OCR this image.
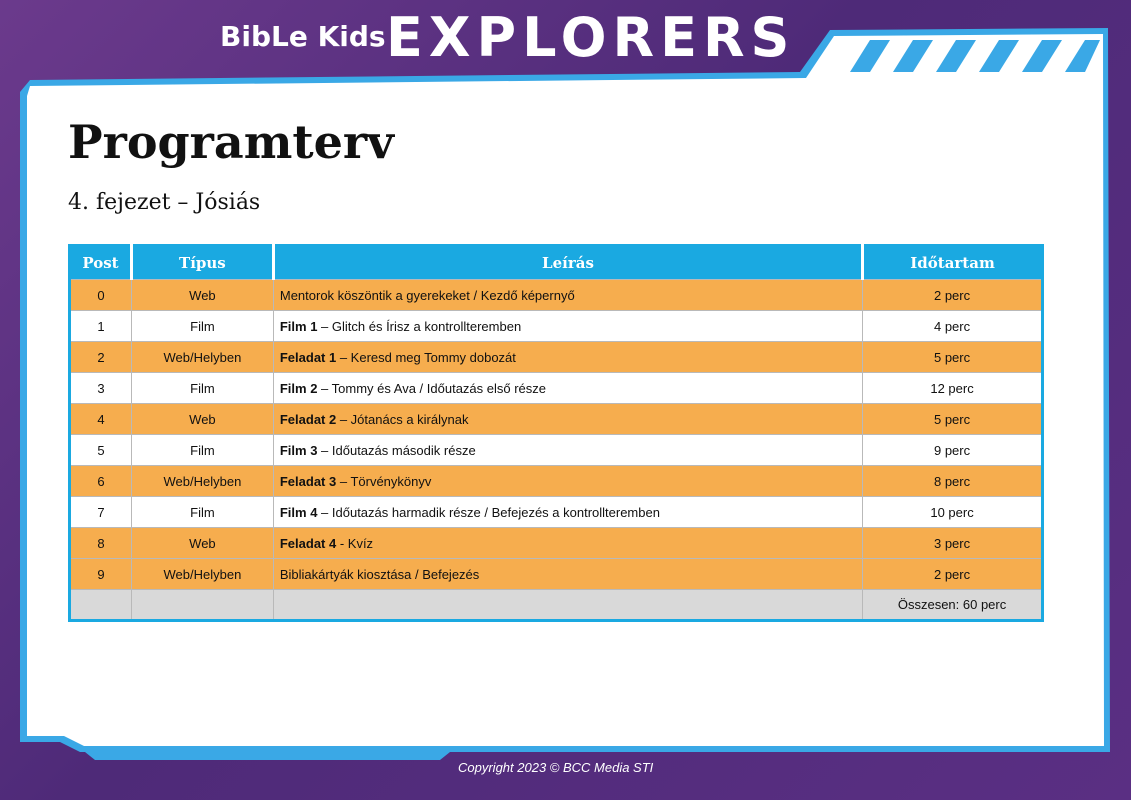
BibLe Kids EXPLORERS
Programterv
4. fejezet – Jósiás
Post	Típus	Leírás	Időtartam
0	Web	Mentorok köszöntik a gyerekeket / Kezdő képernyő	2 perc
1	Film	Film 1 – Glitch és Írisz a kontrollteremben	4 perc
2	Web/Helyben	Feladat 1 – Keresd meg Tommy dobozát	5 perc
3	Film	Film 2 – Tommy és Ava / Időutazás első része	12 perc
4	Web	Feladat 2 – Jótanács a királynak	5 perc
5	Film	Film 3 – Időutazás második része	9 perc
6	Web/Helyben	Feladat 3 – Törvénykönyv	8 perc
7	Film	Film 4 – Időutazás harmadik része / Befejezés a kontrollteremben	10 perc
8	Web	Feladat 4 - Kvíz	3 perc
9	Web/Helyben	Bibliakártyák kiosztása / Befejezés	2 perc
			Összesen: 60 perc
Copyright 2023 © BCC Media STI
